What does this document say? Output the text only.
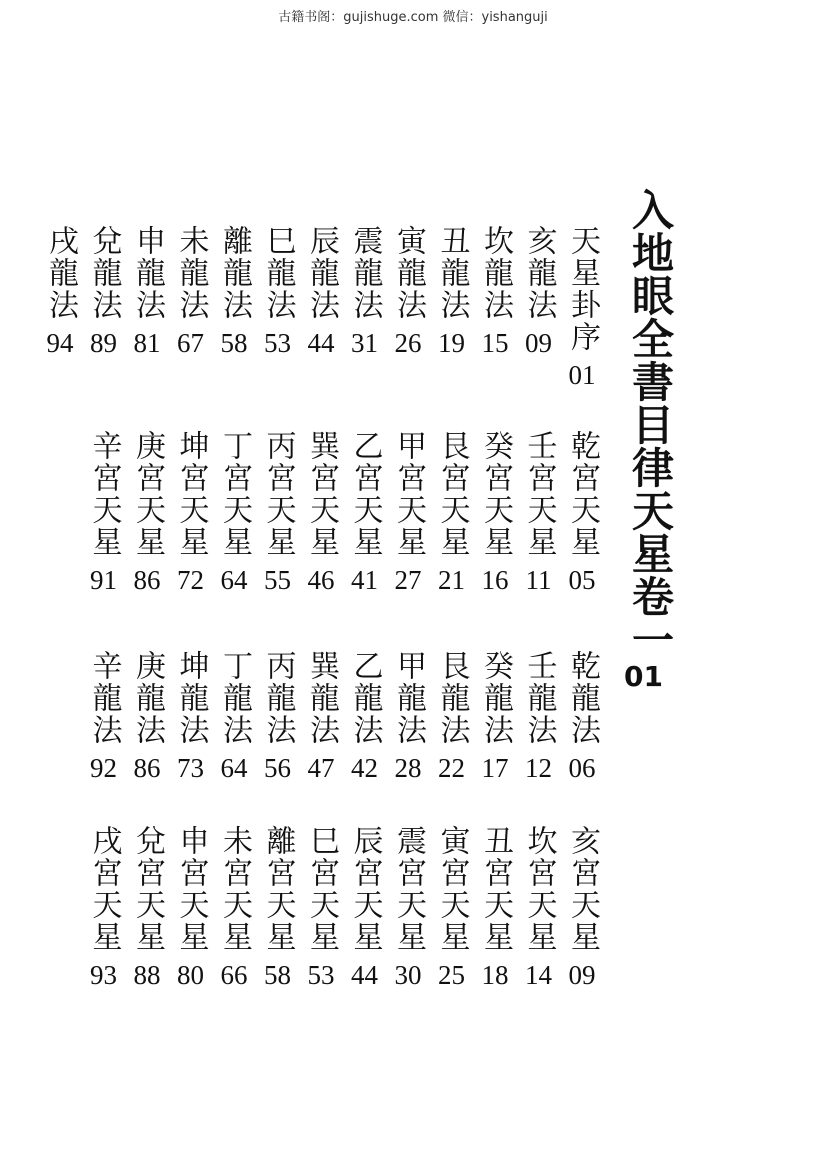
古籍书阁：gujishuge.com 微信：yishanguji
入地眼全書目律天星卷一
01
天星卦序
01
亥龍法
09
坎龍法
15
丑龍法
19
寅龍法
26
震龍法
31
辰龍法
44
巳龍法
53
離龍法
58
未龍法
67
申龍法
81
兌龍法
89
戌龍法
94
乾宮天星
05
壬宮天星
11
癸宮天星
16
艮宮天星
21
甲宮天星
27
乙宮天星
41
巽宮天星
46
丙宮天星
55
丁宮天星
64
坤宮天星
72
庚宮天星
86
辛宮天星
91
乾龍法
06
壬龍法
12
癸龍法
17
艮龍法
22
甲龍法
28
乙龍法
42
巽龍法
47
丙龍法
56
丁龍法
64
坤龍法
73
庚龍法
86
辛龍法
92
亥宮天星
09
坎宮天星
14
丑宮天星
18
寅宮天星
25
震宮天星
30
辰宮天星
44
巳宮天星
53
離宮天星
58
未宮天星
66
申宮天星
80
兌宮天星
88
戌宮天星
93
